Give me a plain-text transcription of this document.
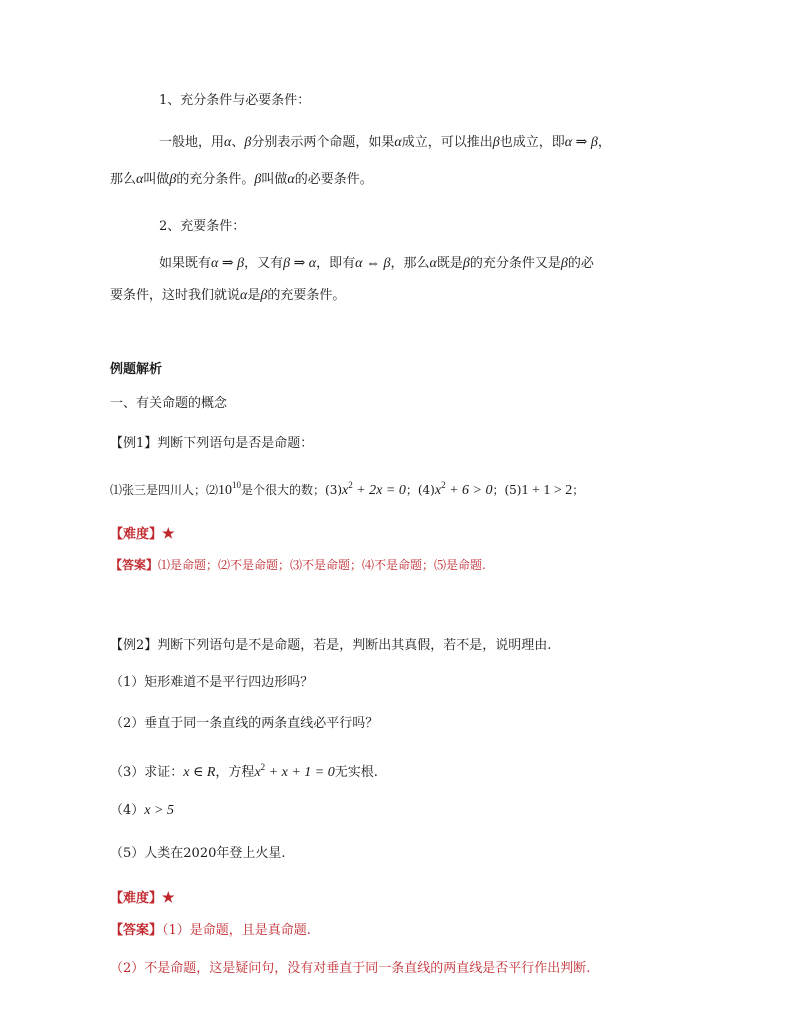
1、充分条件与必要条件：
一般地，用α、β分别表示两个命题，如果α成立，可以推出β也成立，即α ⇒ β，
那么α叫做β的充分条件。β叫做α的必要条件。
2、充要条件：
如果既有α ⇒ β，又有β ⇒ α，即有α ⇔ β，那么α既是β的充分条件又是β的必
要条件，这时我们就说α是β的充要条件。
例题解析
一、有关命题的概念
【例1】判断下列语句是否是命题：
⑴张三是四川人；$⑵10^{10}$是个很大的数；$(3)x^2 + 2x = 0$；$(4)x^2 + 6 > 0$；(5)1 + 1 > 2；
【难度】★
【答案】⑴是命题；⑵不是命题；⑶不是命题；⑷不是命题；⑸是命题.
【例2】判断下列语句是不是命题，若是，判断出其真假，若不是，说明理由.
（1）矩形难道不是平行四边形吗？
（2）垂直于同一条直线的两条直线必平行吗？
（3）求证：x ∈ R，方程$x^2 + x + 1 = 0$无实根.
（4）x > 5
（5）人类在2020年登上火星.
【难度】★
【答案】（1）是命题，且是真命题.
（2）不是命题，这是疑问句，没有对垂直于同一条直线的两直线是否平行作出判断.
